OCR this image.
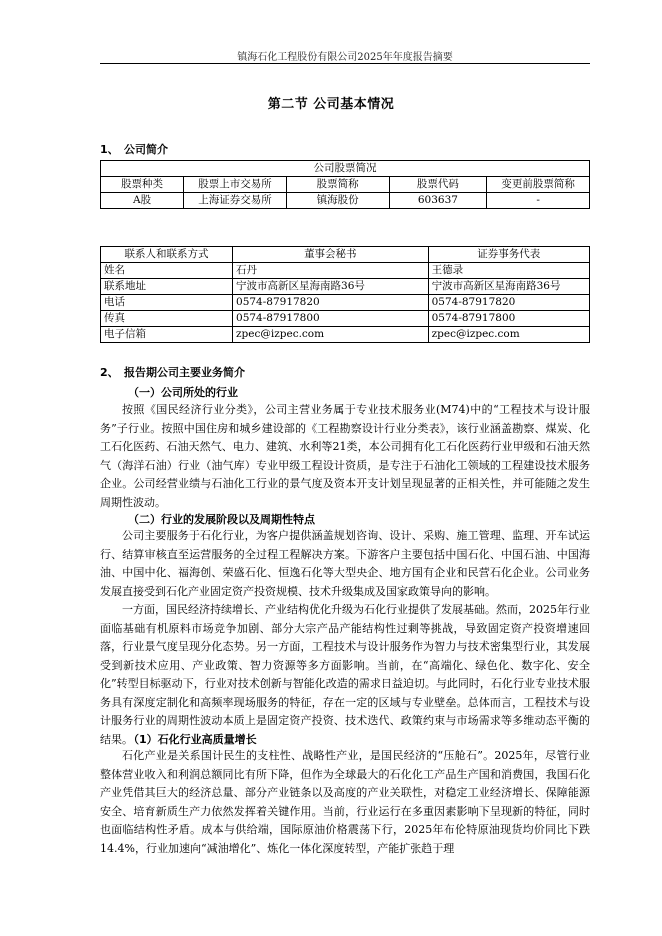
镇海石化工程股份有限公司2025年年度报告摘要
第二节 公司基本情况
1、 公司简介
公司股票简况				
股票种类	股票上市交易所	股票简称	股票代码	变更前股票简称
A股	上海证券交易所	镇海股份	603637	-
联系人和联系方式	董事会秘书	证券事务代表
姓名	石丹	王德录
联系地址	宁波市高新区星海南路36号	宁波市高新区星海南路36号
电话	0574-87917820	0574-87917820
传真	0574-87917800	0574-87917800
电子信箱	zpec@izpec.com	zpec@izpec.com
2、 报告期公司主要业务简介
（一）公司所处的行业

按照《国民经济行业分类》，公司主营业务属于专业技术服务业(M74)中的“工程技术与设计服务”子行业。按照中国住房和城乡建设部的《工程勘察设计行业分类表》，该行业涵盖勘察、煤炭、化工石化医药、石油天然气、电力、建筑、水利等21类，本公司拥有化工石化医药行业甲级和石油天然气（海洋石油）行业（油气库）专业甲级工程设计资质，是专注于石油化工领域的工程建设技术服务企业。公司经营业绩与石油化工行业的景气度及资本开支计划呈现显著的正相关性，并可能随之发生周期性波动。

（二）行业的发展阶段以及周期性特点

公司主要服务于石化行业，为客户提供涵盖规划咨询、设计、采购、施工管理、监理、开车试运行、结算审核直至运营服务的全过程工程解决方案。下游客户主要包括中国石化、中国石油、中国海油、中国中化、福海创、荣盛石化、恒逸石化等大型央企、地方国有企业和民营石化企业。公司业务发展直接受到石化产业固定资产投资规模、技术升级集成及国家政策导向的影响。

一方面，国民经济持续增长、产业结构优化升级为石化行业提供了发展基础。然而，2025年行业面临基础有机原料市场竞争加剧、部分大宗产品产能结构性过剩等挑战，导致固定资产投资增速回落，行业景气度呈现分化态势。另一方面，工程技术与设计服务作为智力与技术密集型行业，其发展受到新技术应用、产业政策、智力资源等多方面影响。当前，在“高端化、绿色化、数字化、安全化”转型目标驱动下，行业对技术创新与智能化改造的需求日益迫切。与此同时，石化行业专业技术服务具有深度定制化和高频率现场服务的特征，存在一定的区域与专业壁垒。总体而言，工程技术与设计服务行业的周期性波动本质上是固定资产投资、技术迭代、政策约束与市场需求等多维动态平衡的结果。

（1）石化行业高质量增长

石化产业是关系国计民生的支柱性、战略性产业，是国民经济的“压舱石”。2025年，尽管行业整体营业收入和利润总额同比有所下降，但作为全球最大的石化化工产品生产国和消费国，我国石化产业凭借其巨大的经济总量、部分产业链条以及高度的产业关联性，对稳定工业经济增长、保障能源安全、培育新质生产力依然发挥着关键作用。当前，行业运行在多重因素影响下呈现新的特征，同时也面临结构性矛盾。成本与供给端，国际原油价格震荡下行，2025年布伦特原油现货均价同比下跌14.4%，行业加速向“减油增化”、炼化一体化深度转型，产能扩张趋于理
